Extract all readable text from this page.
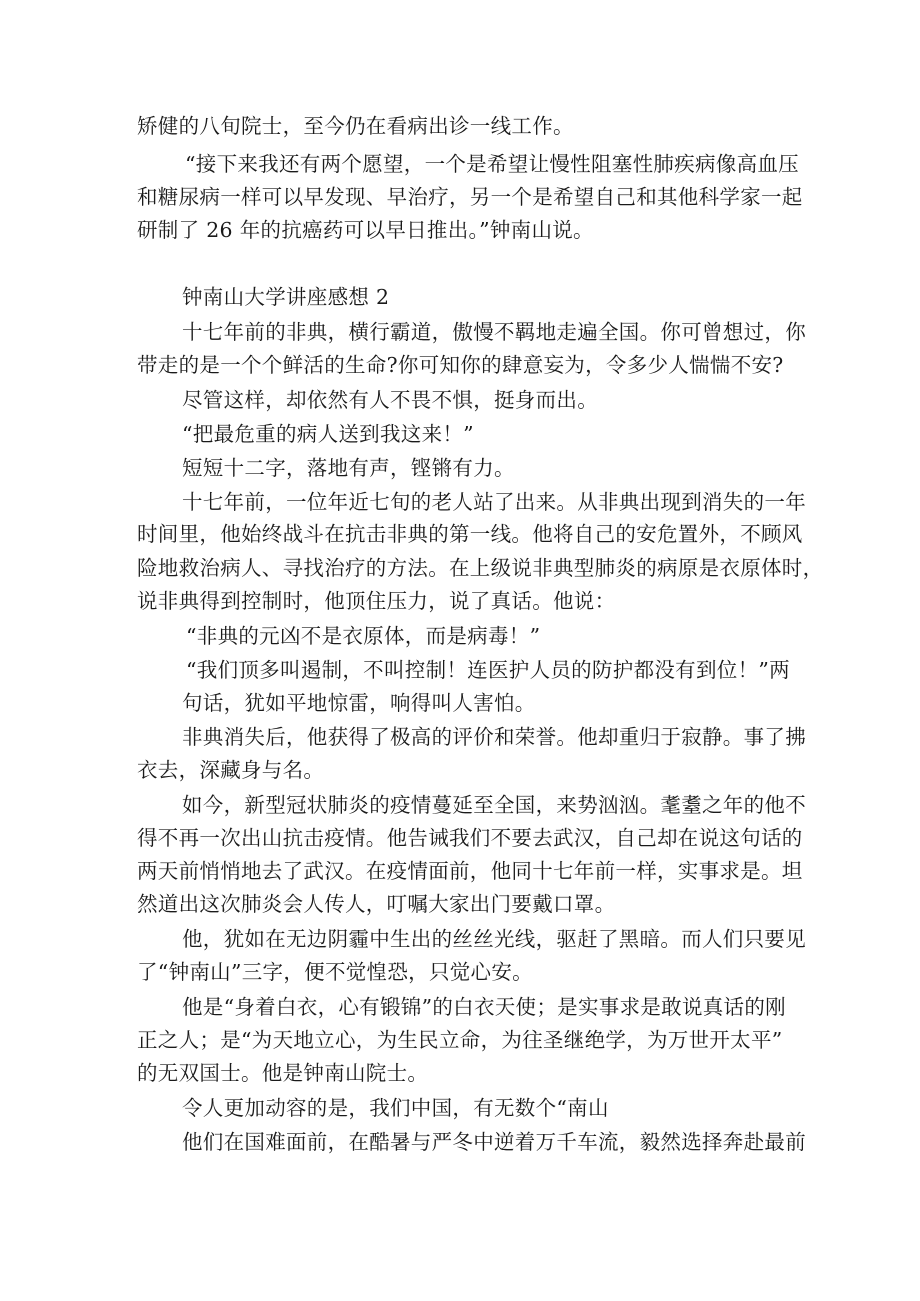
矫健的八旬院士，至今仍在看病出诊一线工作。
“接下来我还有两个愿望，一个是希望让慢性阻塞性肺疾病像高血压
和糖尿病一样可以早发现、早治疗，另一个是希望自己和其他科学家一起
研制了 26 年的抗癌药可以早日推出。”钟南山说。
钟南山大学讲座感想 2
十七年前的非典，横行霸道，傲慢不羁地走遍全国。你可曾想过，你
带走的是一个个鲜活的生命?你可知你的肆意妄为，令多少人惴惴不安?
尽管这样，却依然有人不畏不惧，挺身而出。
“把最危重的病人送到我这来！”
短短十二字，落地有声，铿锵有力。
十七年前，一位年近七旬的老人站了出来。从非典出现到消失的一年
时间里，他始终战斗在抗击非典的第一线。他将自己的安危置外，不顾风
险地救治病人、寻找治疗的方法。在上级说非典型肺炎的病原是衣原体时，
说非典得到控制时，他顶住压力，说了真话。他说：
“非典的元凶不是衣原体，而是病毒！”
“我们顶多叫遏制，不叫控制！连医护人员的防护都没有到位！”两
句话，犹如平地惊雷，响得叫人害怕。
非典消失后，他获得了极高的评价和荣誉。他却重归于寂静。事了拂
衣去，深藏身与名。
如今，新型冠状肺炎的疫情蔓延至全国，来势汹汹。耄耋之年的他不
得不再一次出山抗击疫情。他告诫我们不要去武汉，自己却在说这句话的
两天前悄悄地去了武汉。在疫情面前，他同十七年前一样，实事求是。坦
然道出这次肺炎会人传人，叮嘱大家出门要戴口罩。
他，犹如在无边阴霾中生出的丝丝光线，驱赶了黑暗。而人们只要见
了“钟南山”三字，便不觉惶恐，只觉心安。
他是“身着白衣，心有锻锦”的白衣天使；是实事求是敢说真话的刚
正之人；是“为天地立心，为生民立命，为往圣继绝学，为万世开太平”
的无双国士。他是钟南山院士。
令人更加动容的是，我们中国，有无数个“南山
他们在国难面前，在酷暑与严冬中逆着万千车流，毅然选择奔赴最前
